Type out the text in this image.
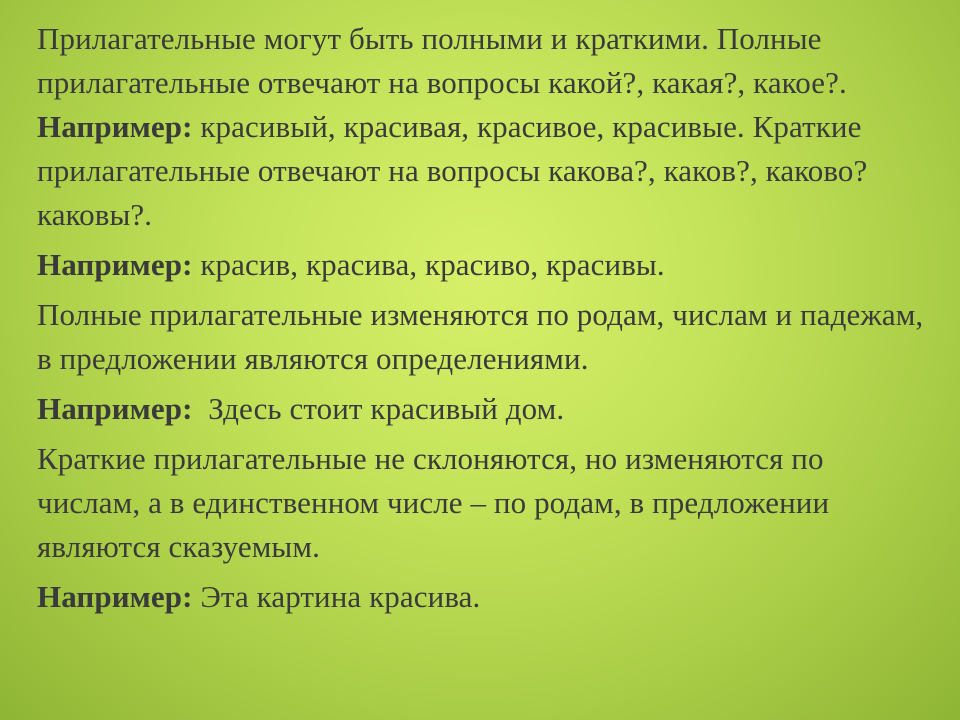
Прилагательные могут быть полными и краткими. Полные прилагательные отвечают на вопросы какой?, какая?, какое?. Например: красивый, красивая, красивое, красивые. Краткие прилагательные отвечают на вопросы какова?, каков?, каково? каковы?.

Например: красив, красива, красиво, красивы.

Полные прилагательные изменяются по родам, числам и падежам, в предложении являются определениями.

Например:  Здесь стоит красивый дом.

Краткие прилагательные не склоняются, но изменяются по числам, а в единственном числе – по родам, в предложении являются сказуемым.

Например: Эта картина красива.
